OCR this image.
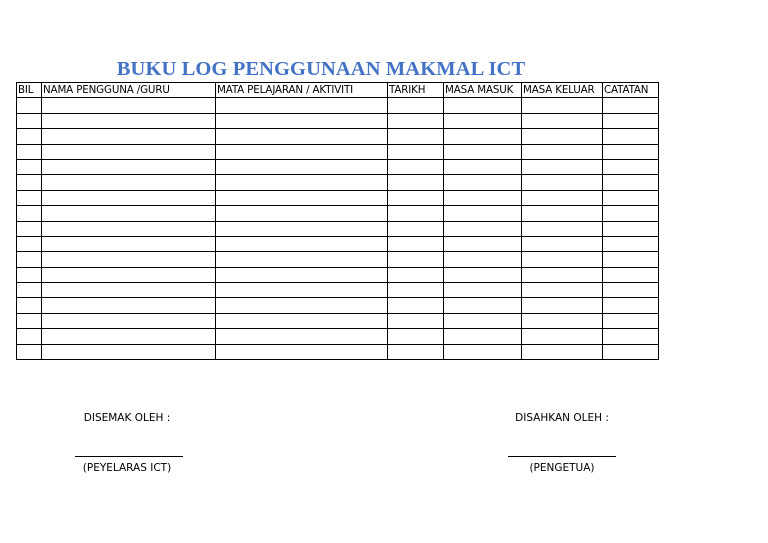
BUKU LOG PENGGUNAAN MAKMAL ICT
BIL	NAMA PENGGUNA /GURU	MATA PELAJARAN / AKTIVITI	TARIKH	MASA MASUK	MASA KELUAR	CATATAN

DISEMAK OLEH :
(PEYELARAS ICT)
DISAHKAN OLEH :
(PENGETUA)
